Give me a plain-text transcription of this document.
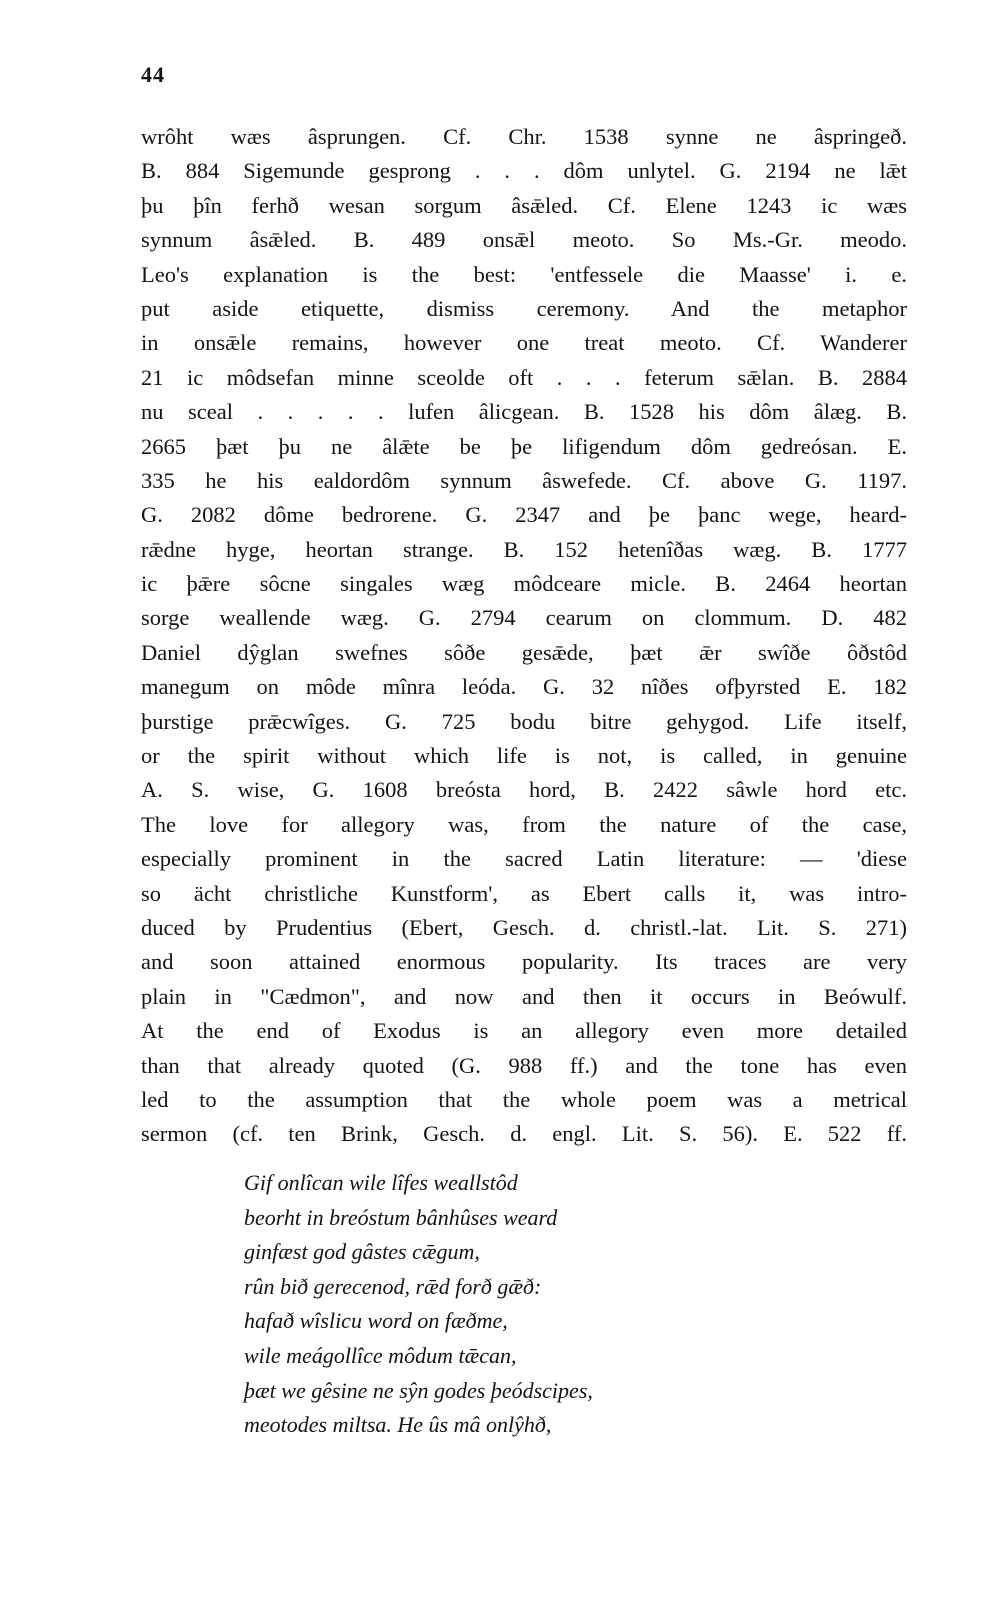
44
wrôht wæs âsprungen. Cf. Chr. 1538 synne ne âspringeð.
B. 884 Sigemunde gesprong . . . dôm unlytel. G. 2194 ne lǣt
þu þîn ferhð wesan sorgum âsǣled. Cf. Elene 1243 ic wæs
synnum âsǣled. B. 489 onsǣl meoto. So Ms.-Gr. meodo.
Leo's explanation is the best: 'entfessele die Maasse' i. e.
put aside etiquette, dismiss ceremony. And the metaphor
in onsǣle remains, however one treat meoto. Cf. Wanderer
21 ic môdsefan minne sceolde oft . . . feterum sǣlan. B. 2884
nu sceal . . . . . lufen âlicgean. B. 1528 his dôm âlæg. B.
2665 þæt þu ne âlǣte be þe lifigendum dôm gedreósan. E.
335 he his ealdordôm synnum âswefede. Cf. above G. 1197.
G. 2082 dôme bedrorene. G. 2347 and þe þanc wege, heard-
rǣdne hyge, heortan strange. B. 152 hetenîðas wæg. B. 1777
ic þǣre sôcne singales wæg môdceare micle. B. 2464 heortan
sorge weallende wæg. G. 2794 cearum on clommum. D. 482
Daniel dŷglan swefnes sôðe gesǣde, þæt ǣr swîðe ôðstôd
manegum on môde mînra leóda. G. 32 nîðes ofþyrsted E. 182
þurstige prǣcwîges. G. 725 bodu bitre gehygod. Life itself,
or the spirit without which life is not, is called, in genuine
A. S. wise, G. 1608 breósta hord, B. 2422 sâwle hord etc.
The love for allegory was, from the nature of the case,
especially prominent in the sacred Latin literature: — 'diese
so ächt christliche Kunstform', as Ebert calls it, was intro-
duced by Prudentius (Ebert, Gesch. d. christl.-lat. Lit. S. 271)
and soon attained enormous popularity. Its traces are very
plain in "Cædmon", and now and then it occurs in Beówulf.
At the end of Exodus is an allegory even more detailed
than that already quoted (G. 988 ff.) and the tone has even
led to the assumption that the whole poem was a metrical
sermon (cf. ten Brink, Gesch. d. engl. Lit. S. 56). E. 522 ff.
Gif onlîcan wile lîfes weallstôd
beorht in breóstum bânhûses weard
ginfæst god gâstes cǣgum,
rûn bið gerecenod, rǣd forð gǣð:
hafað wîslicu word on fæðme,
wile meágollîce môdum tǣcan,
þæt we gêsine ne sŷn godes þeódscipes,
meotodes miltsa. He ûs mâ onlŷhð,
